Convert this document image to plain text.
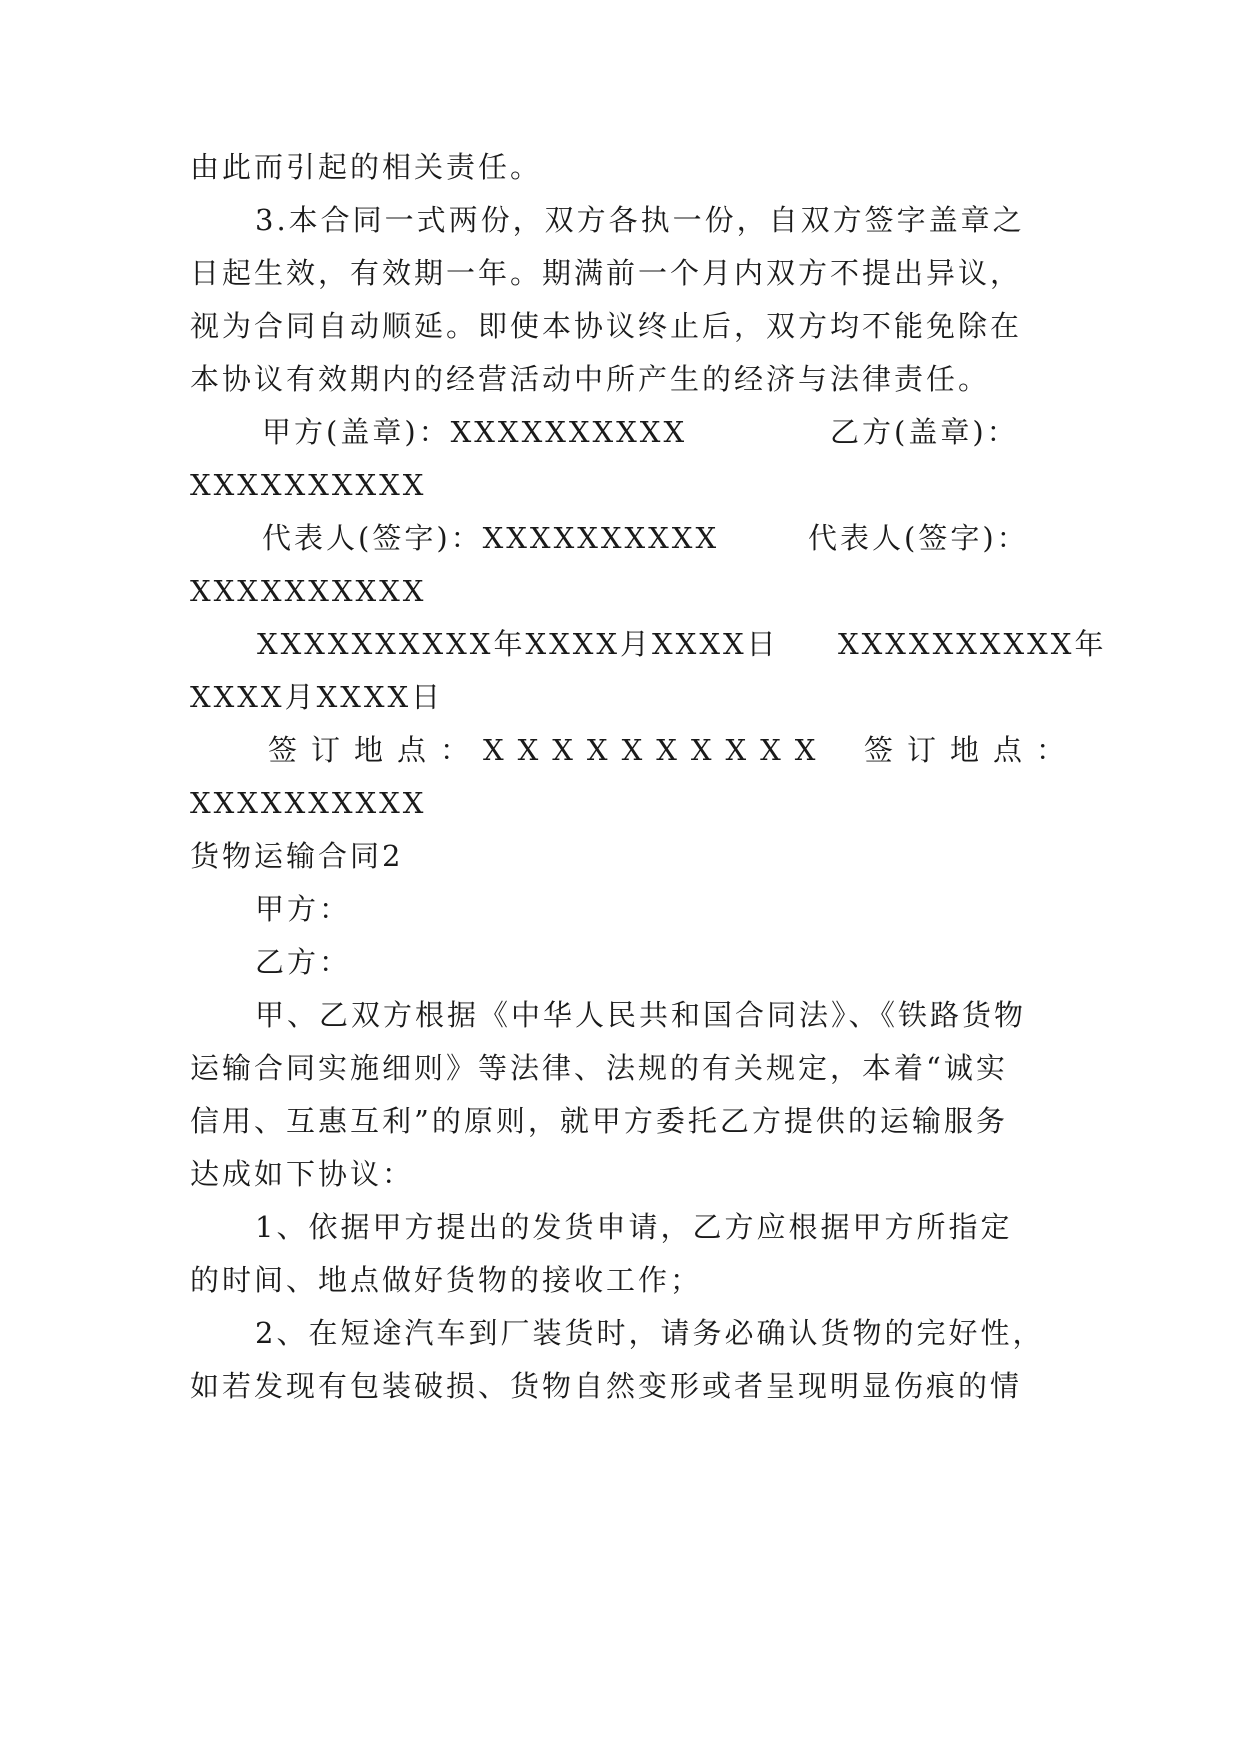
由此而引起的相关责任。
3.本合同一式两份，双方各执一份，自双方签字盖章之
日起生效，有效期一年。期满前一个月内双方不提出异议，
视为合同自动顺延。即使本协议终止后，双方均不能免除在
本协议有效期内的经营活动中所产生的经济与法律责任。
甲方(盖章)：XXXXXXXXXX	乙方(盖章)：
XXXXXXXXXX
代表人(签字)：XXXXXXXXXX	代表人(签字)：
XXXXXXXXXX
XXXXXXXXXX年XXXX月XXXX日 XXXXXXXXXX年
XXXX月XXXX日
签订地点：XXXXXXXXXX 签订地点：
XXXXXXXXXX
货物运输合同2
甲方：
乙方：
甲、乙双方根据《中华人民共和国合同法》、《铁路货物
运输合同实施细则》等法律、法规的有关规定，本着“诚实
信用、互惠互利”的原则，就甲方委托乙方提供的运输服务
达成如下协议：
1、依据甲方提出的发货申请，乙方应根据甲方所指定
的时间、地点做好货物的接收工作；
2、在短途汽车到厂装货时，请务必确认货物的完好性，
如若发现有包装破损、货物自然变形或者呈现明显伤痕的情
